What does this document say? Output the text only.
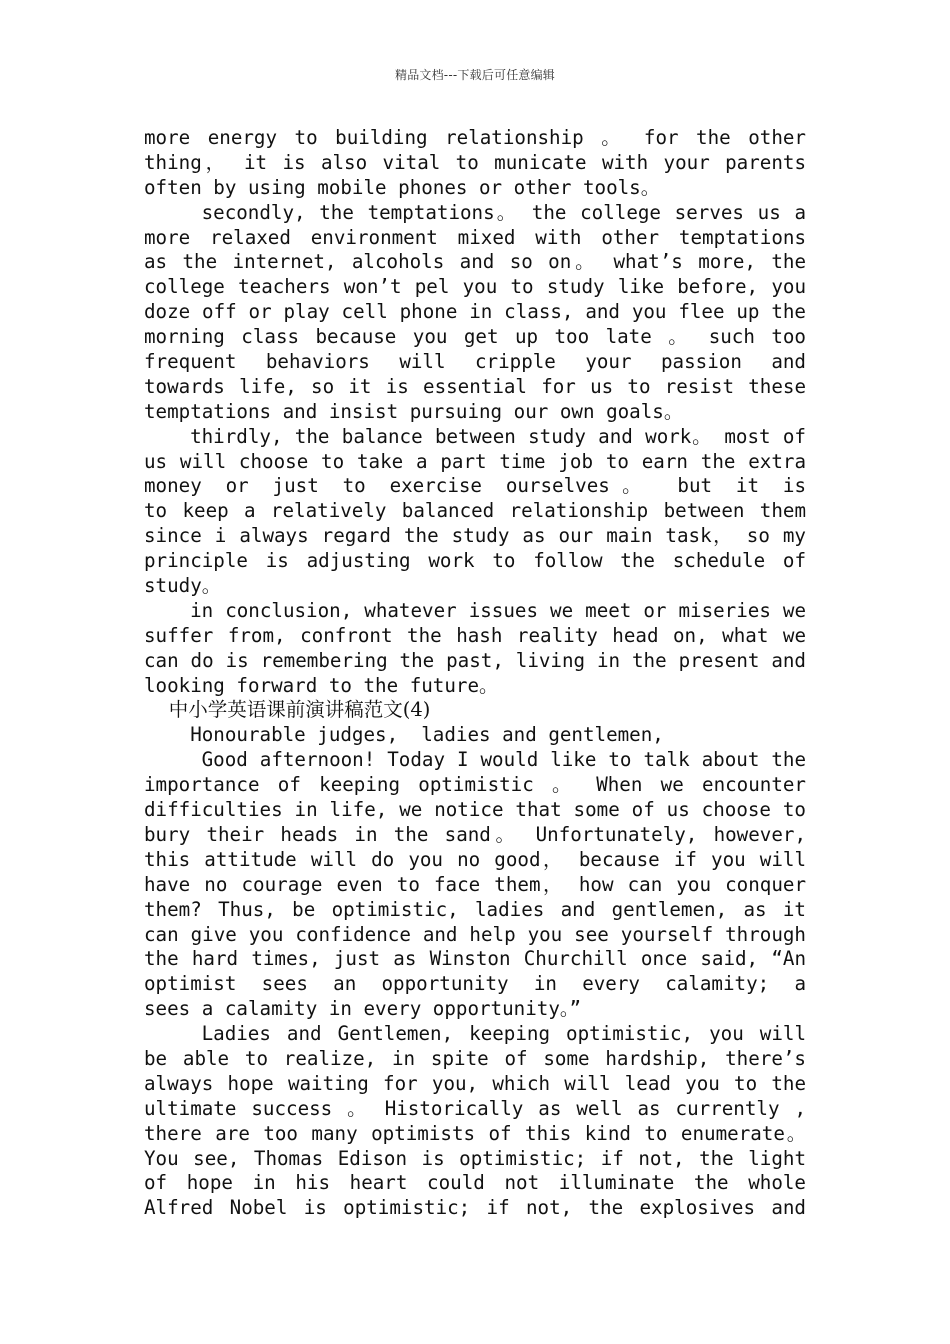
精品文档---下载后可任意编辑
more energy to building relationship 。 for the other
thing， it is also vital to municate with your parents
often by using mobile phones or other tools。
secondly, the temptations。 the college serves us a
more relaxed environment mixed with other temptations
as the internet, alcohols and so on。 what’s more, the
college teachers won’t pel you to study like before, you
doze off or play cell phone in class, and you flee up the
morning class because you get up too late 。 such too
frequent behaviors will cripple your passion and
towards life, so it is essential for us to resist these
temptations and insist pursuing our own goals。
thirdly, the balance between study and work。 most of
us will choose to take a part time job to earn the extra
money or just to exercise ourselves。 but it is
to keep a relatively balanced relationship between them
since i always regard the study as our main task， so my
principle is adjusting work to follow the schedule of
study。
in conclusion, whatever issues we meet or miseries we
suffer from, confront the hash reality head on, what we
can do is remembering the past, living in the present and
looking forward to the future。
中小学英语课前演讲稿范文(4)
Honourable judges,  ladies and gentlemen,
Good afternoon! Today I would like to talk about the
importance of keeping optimistic 。 When we encounter
difficulties in life, we notice that some of us choose to
bury their heads in the sand。 Unfortunately, however,
this attitude will do you no good， because if you will
have no courage even to face them， how can you conquer
them? Thus, be optimistic, ladies and gentlemen, as it
can give you confidence and help you see yourself through
the hard times, just as Winston Churchill once said, “An
optimist sees an opportunity in every calamity; a
sees a calamity in every opportunity。”
Ladies and Gentlemen, keeping optimistic, you will
be able to realize, in spite of some hardship, there’s
always hope waiting for you, which will lead you to the
ultimate success 。 Historically as well as currently ,
there are too many optimists of this kind to enumerate。
You see, Thomas Edison is optimistic; if not, the light
of hope in his heart could not illuminate the whole
Alfred Nobel is optimistic; if not, the explosives and
